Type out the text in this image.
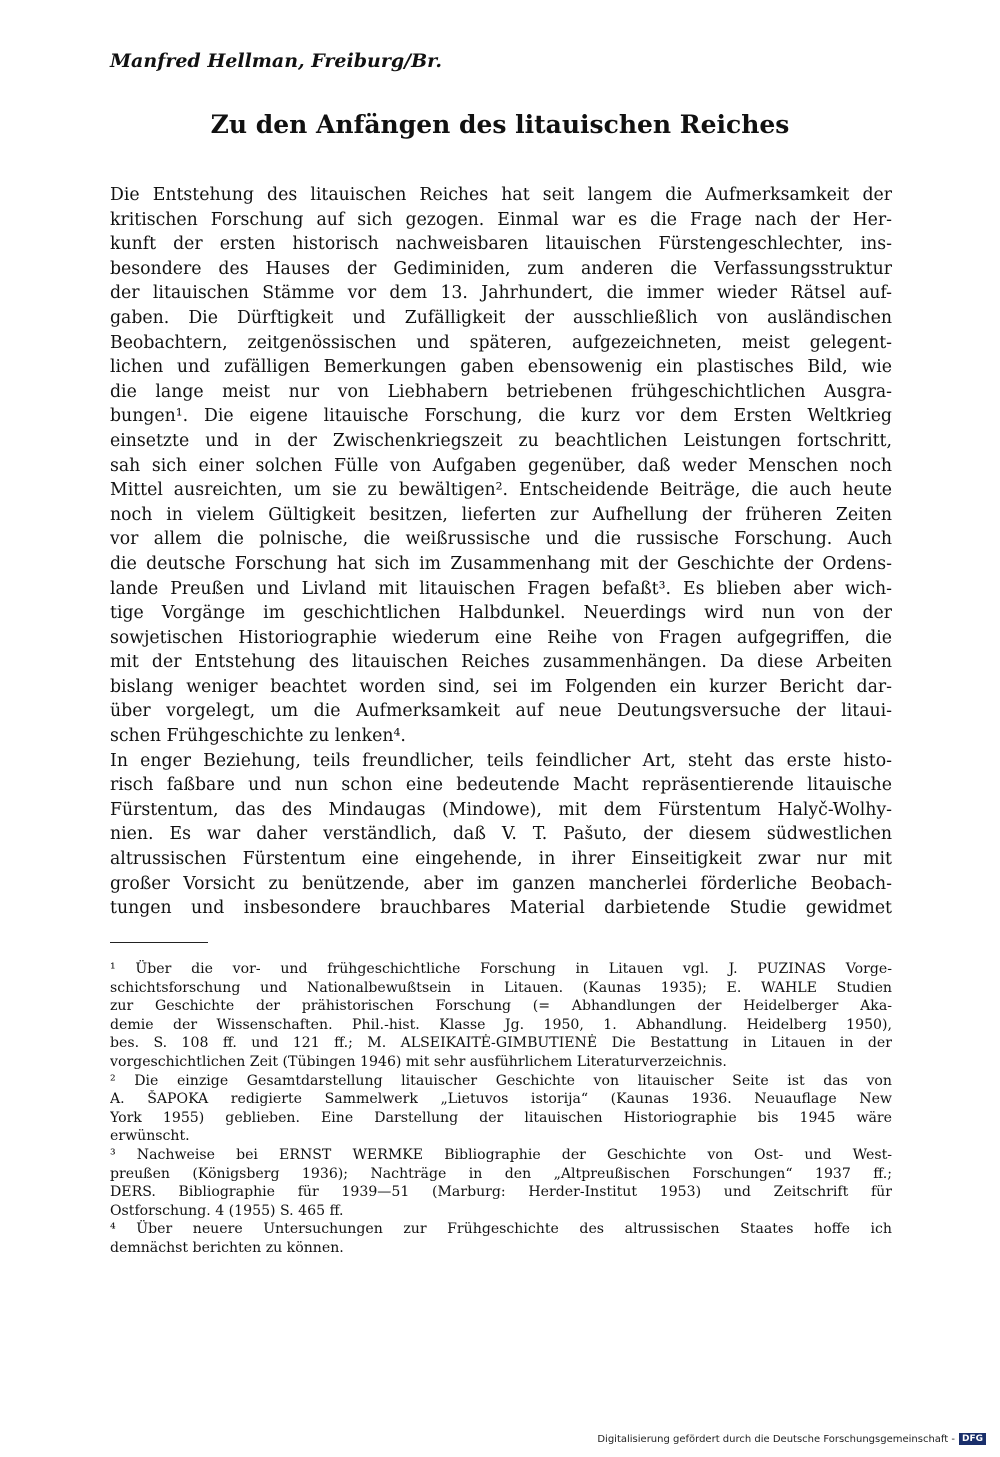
Manfred Hellman, Freiburg/Br.
Zu den Anfängen des litauischen Reiches
Die Entstehung des litauischen Reiches hat seit langem die Aufmerksamkeit der
kritischen Forschung auf sich gezogen. Einmal war es die Frage nach der Her-
kunft der ersten historisch nachweisbaren litauischen Fürstengeschlechter, ins-
besondere des Hauses der Gediminiden, zum anderen die Verfassungsstruktur
der litauischen Stämme vor dem 13. Jahrhundert, die immer wieder Rätsel auf-
gaben. Die Dürftigkeit und Zufälligkeit der ausschließlich von ausländischen
Beobachtern, zeitgenössischen und späteren, aufgezeichneten, meist gelegent-
lichen und zufälligen Bemerkungen gaben ebensowenig ein plastisches Bild, wie
die lange meist nur von Liebhabern betriebenen frühgeschichtlichen Ausgra-
bungen¹. Die eigene litauische Forschung, die kurz vor dem Ersten Weltkrieg
einsetzte und in der Zwischenkriegszeit zu beachtlichen Leistungen fortschritt,
sah sich einer solchen Fülle von Aufgaben gegenüber, daß weder Menschen noch
Mittel ausreichten, um sie zu bewältigen². Entscheidende Beiträge, die auch heute
noch in vielem Gültigkeit besitzen, lieferten zur Aufhellung der früheren Zeiten
vor allem die polnische, die weißrussische und die russische Forschung. Auch
die deutsche Forschung hat sich im Zusammenhang mit der Geschichte der Ordens-
lande Preußen und Livland mit litauischen Fragen befaßt³. Es blieben aber wich-
tige Vorgänge im geschichtlichen Halbdunkel. Neuerdings wird nun von der
sowjetischen Historiographie wiederum eine Reihe von Fragen aufgegriffen, die
mit der Entstehung des litauischen Reiches zusammenhängen. Da diese Arbeiten
bislang weniger beachtet worden sind, sei im Folgenden ein kurzer Bericht dar-
über vorgelegt, um die Aufmerksamkeit auf neue Deutungsversuche der litaui-
schen Frühgeschichte zu lenken⁴.
In enger Beziehung, teils freundlicher, teils feindlicher Art, steht das erste histo-
risch faßbare und nun schon eine bedeutende Macht repräsentierende litauische
Fürstentum, das des Mindaugas (Mindowe), mit dem Fürstentum Halyč-Wolhy-
nien. Es war daher verständlich, daß V. T. Pašuto, der diesem südwestlichen
altrussischen Fürstentum eine eingehende, in ihrer Einseitigkeit zwar nur mit
großer Vorsicht zu benützende, aber im ganzen mancherlei förderliche Beobach-
tungen und insbesondere brauchbares Material darbietende Studie gewidmet
¹ Über die vor- und frühgeschichtliche Forschung in Litauen vgl. J. PUZINAS Vorge-
schichtsforschung und Nationalbewußtsein in Litauen. (Kaunas 1935); E. WAHLE Studien
zur Geschichte der prähistorischen Forschung (= Abhandlungen der Heidelberger Aka-
demie der Wissenschaften. Phil.-hist. Klasse Jg. 1950, 1. Abhandlung. Heidelberg 1950),
bes. S. 108 ff. und 121 ff.; M. ALSEIKAITĖ-GIMBUTIENĖ Die Bestattung in Litauen in der
vorgeschichtlichen Zeit (Tübingen 1946) mit sehr ausführlichem Literaturverzeichnis.
² Die einzige Gesamtdarstellung litauischer Geschichte von litauischer Seite ist das von
A. ŠAPOKA redigierte Sammelwerk „Lietuvos istorija“ (Kaunas 1936. Neuauflage New
York 1955) geblieben. Eine Darstellung der litauischen Historiographie bis 1945 wäre
erwünscht.
³ Nachweise bei ERNST WERMKE Bibliographie der Geschichte von Ost- und West-
preußen (Königsberg 1936); Nachträge in den „Altpreußischen Forschungen“ 1937 ff.;
DERS. Bibliographie für 1939—51 (Marburg: Herder-Institut 1953) und Zeitschrift für
Ostforschung. 4 (1955) S. 465 ff.
⁴ Über neuere Untersuchungen zur Frühgeschichte des altrussischen Staates hoffe ich
demnächst berichten zu können.
Digitalisierung gefördert durch die Deutsche Forschungsgemeinschaft - DFG
